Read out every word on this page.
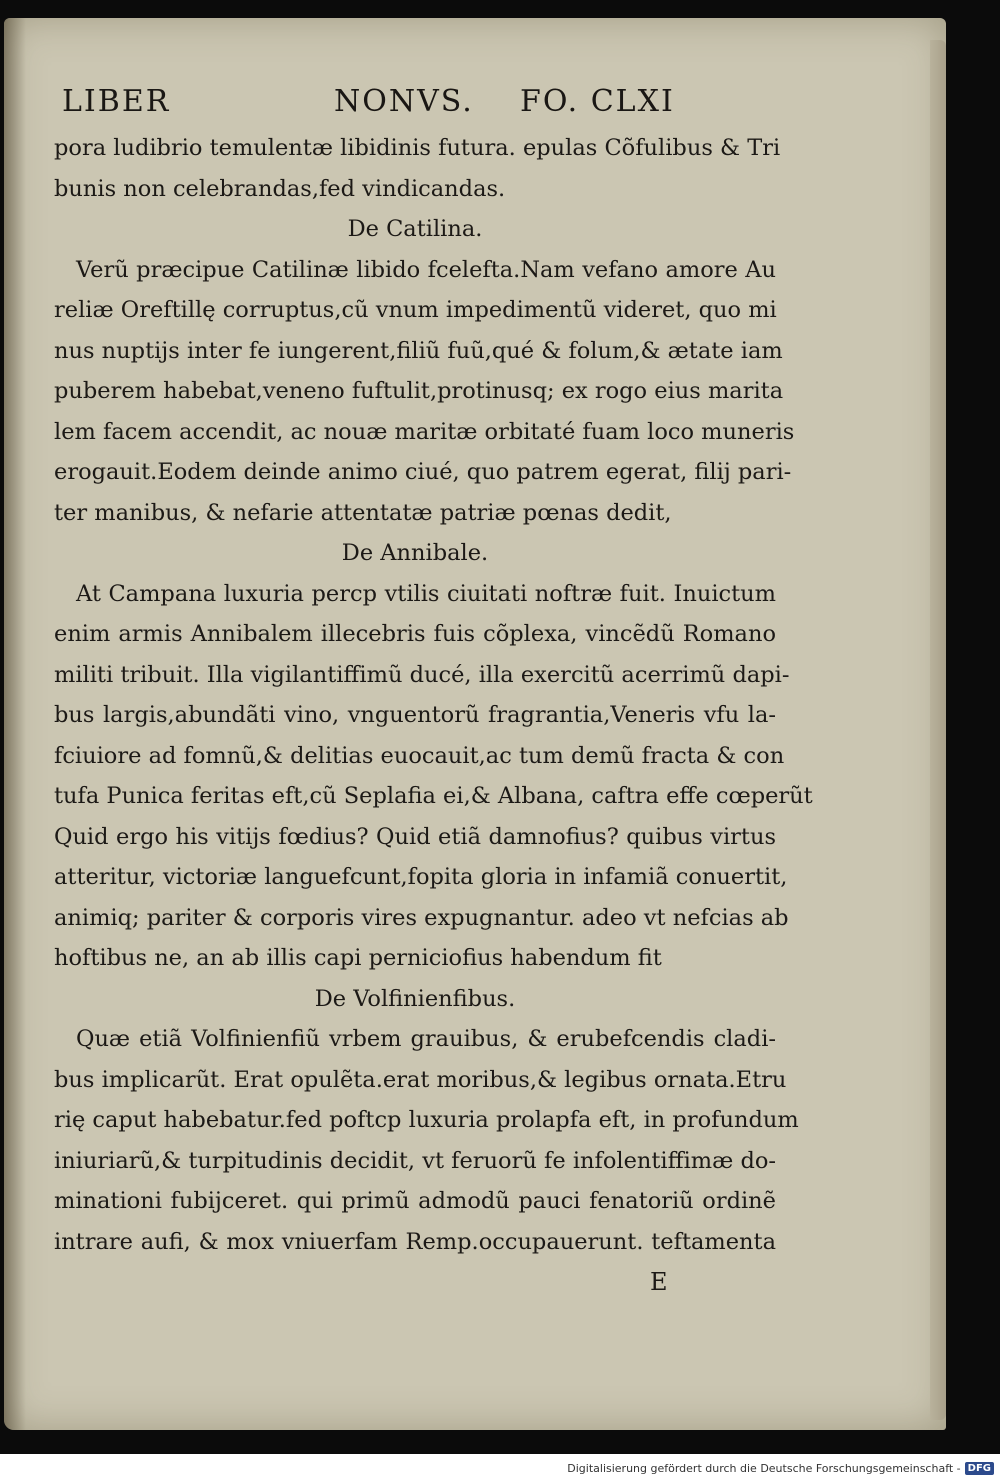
LIBER	NONVS. FO. CLXI
pora ludibrio temulentæ libidinis futura. epulas Cõfulibus & Tri
bunis non celebrandas,fed vindicandas.
De Catilina.
Verũ præcipue Catilinæ libido fcelefta.Nam vefano amore Au
reliæ Oreftillę corruptus,cũ vnum impedimentũ videret, quo mi
nus nuptijs inter fe iungerent,filiũ fuũ,qué & folum,& ætate iam
puberem habebat,veneno fuftulit,protinusq; ex rogo eius marita
lem facem accendit, ac nouæ maritæ orbitaté fuam loco muneris
erogauit.Eodem deinde animo ciué, quo patrem egerat, filij pari-
ter manibus, & nefarie attentatæ patriæ pœnas dedit,
De Annibale.
At Campana luxuria percp vtilis ciuitati noftræ fuit. Inuictum
enim armis Annibalem illecebris fuis cõplexa, vincẽdũ Romano
militi tribuit. Illa vigilantiffimũ ducé, illa exercitũ acerrimũ dapi-
bus largis,abundãti vino, vnguentorũ fragrantia,Veneris vfu la-
fciuiore ad fomnũ,& delitias euocauit,ac tum demũ fracta & con
tufa Punica feritas eft,cũ Seplafia ei,& Albana, caftra effe cœperũt
Quid ergo his vitijs fœdius? Quid etiã damnofius? quibus virtus
atteritur, victoriæ languefcunt,fopita gloria in infamiã conuertit,
animiq; pariter & corporis vires expugnantur. adeo vt nefcias ab
hoftibus ne, an ab illis capi perniciofius habendum fit
De Volfinienfibus.
Quæ etiã Volfinienfiũ vrbem grauibus, & erubefcendis cladi-
bus implicarũt. Erat opulẽta.erat moribus,& legibus ornata.Etru
rię caput habebatur.fed poftcp luxuria prolapfa eft, in profundum
iniuriarũ,& turpitudinis decidit, vt feruorũ fe infolentiffimæ do-
minationi fubijceret. qui primũ admodũ pauci fenatoriũ ordinẽ
intrare aufi, & mox vniuerfam Remp.occupauerunt. teftamenta
E
Digitalisierung gefördert durch die Deutsche Forschungsgemeinschaft - DFG
